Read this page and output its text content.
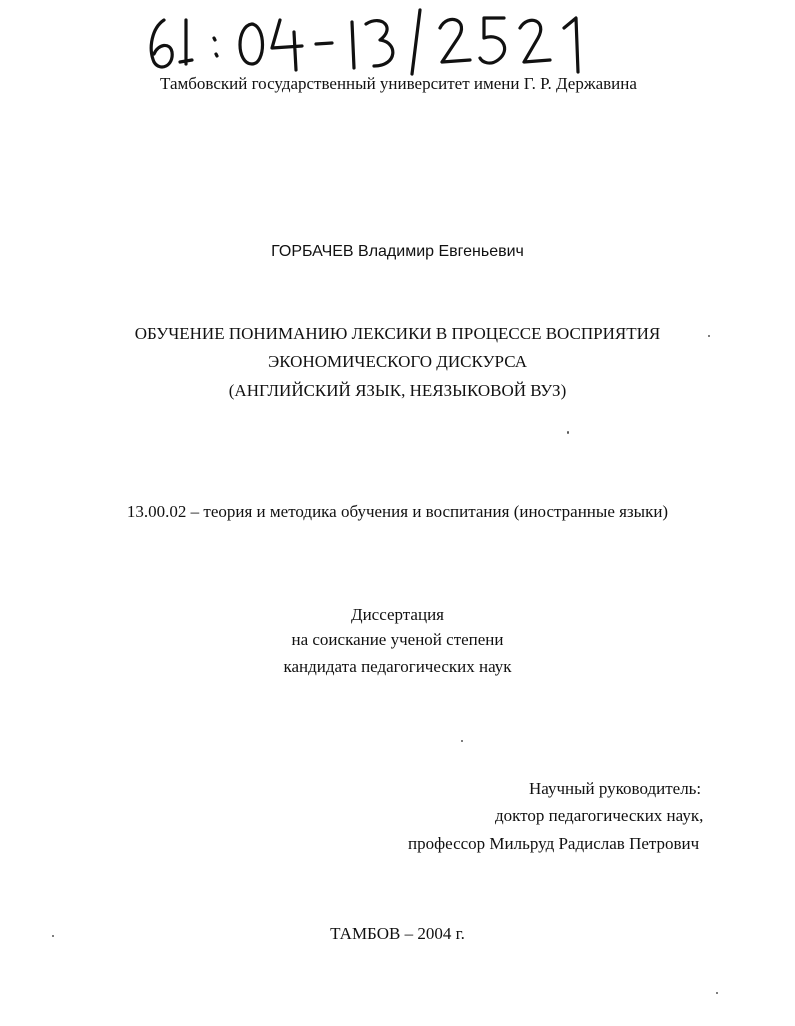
Тамбовский государственный университет имени Г. Р. Державина
ГОРБАЧЕВ Владимир Евгеньевич
ОБУЧЕНИЕ ПОНИМАНИЮ ЛЕКСИКИ В ПРОЦЕССЕ ВОСПРИЯТИЯ
ЭКОНОМИЧЕСКОГО ДИСКУРСА
(АНГЛИЙСКИЙ ЯЗЫК, НЕЯЗЫКОВОЙ ВУЗ)
13.00.02 – теория и методика обучения и воспитания (иностранные языки)
Диссертация
на соискание ученой степени
кандидата педагогических наук
Научный руководитель:
доктор педагогических наук,
профессор Мильруд Радислав Петрович
ТАМБОВ – 2004 г.
